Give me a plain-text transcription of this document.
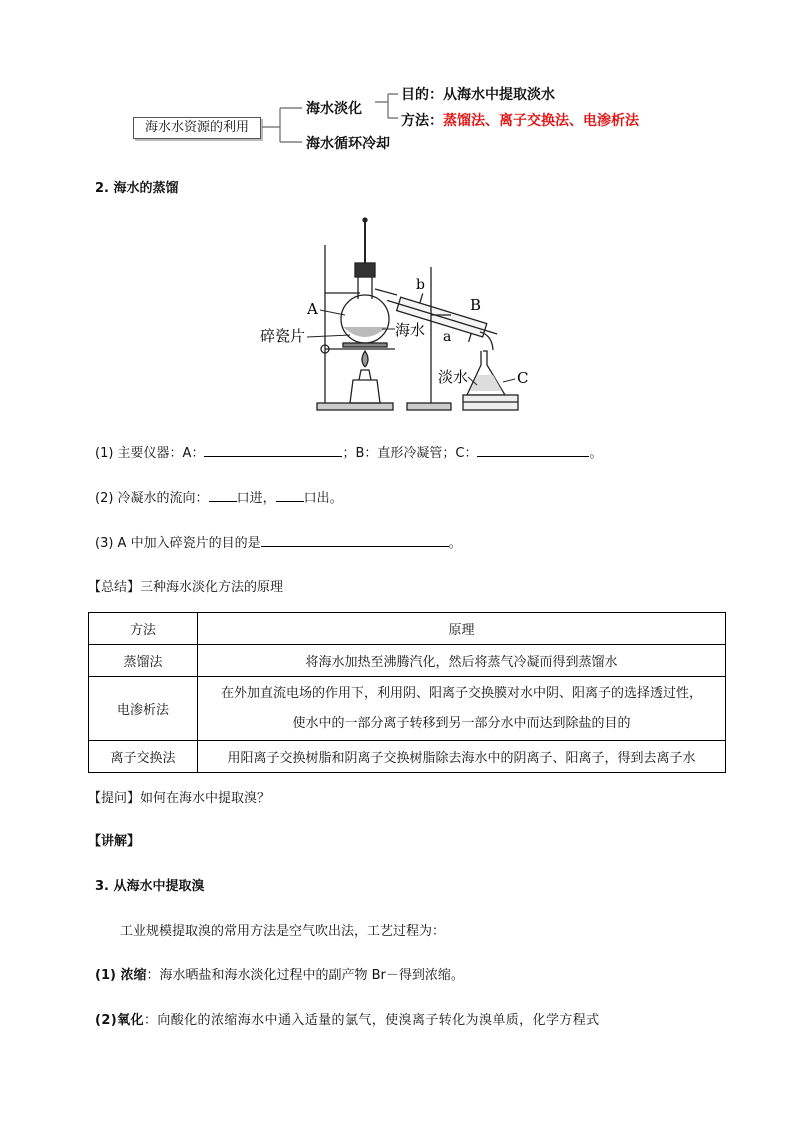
海水水资源的利用
海水淡化
海水循环冷却
目的：从海水中提取淡水
方法：蒸馏法、离子交换法、电渗析法
2. 海水的蒸馏
A
碎瓷片	海水
b
B
a
淡水	C
(1) 主要仪器：A：	；B：直形冷凝管；C：	。
(2) 冷凝水的流向： 口进， 口出。
(3) A 中加入碎瓷片的目的是	。
【总结】三种海水淡化方法的原理
方法	原理
蒸馏法	将海水加热至沸腾汽化，然后将蒸气冷凝而得到蒸馏水
电渗析法	在外加直流电场的作用下，利用阴、阳离子交换膜对水中阴、阳离子的选择透过性，
使水中的一部分离子转移到另一部分水中而达到除盐的目的

离子交换法	用阳离子交换树脂和阴离子交换树脂除去海水中的阴离子、阳离子，得到去离子水
【提问】如何在海水中提取溴？
【讲解】
3. 从海水中提取溴
工业规模提取溴的常用方法是空气吹出法，工艺过程为：
(1) 浓缩：海水晒盐和海水淡化过程中的副产物 Br－得到浓缩。
(2)氧化：向酸化的浓缩海水中通入适量的氯气，使溴离子转化为溴单质，化学方程式
